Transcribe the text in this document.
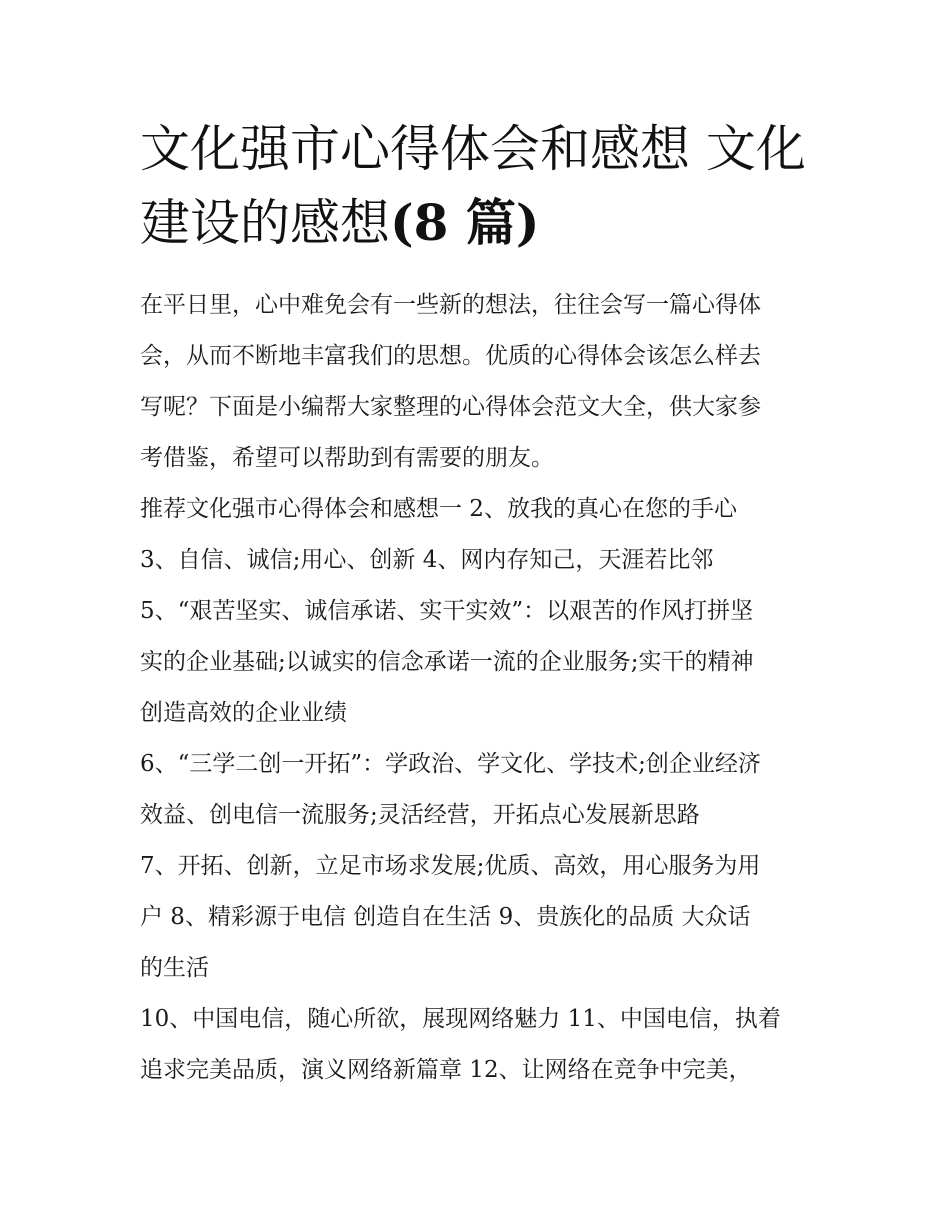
文化强市心得体会和感想 文化
建设的感想(8 篇)

在平日里，心中难免会有一些新的想法，往往会写一篇心得体
会，从而不断地丰富我们的思想。优质的心得体会该怎么样去
写呢？下面是小编帮大家整理的心得体会范文大全，供大家参
考借鉴，希望可以帮助到有需要的朋友。

推荐文化强市心得体会和感想一 2、放我的真心在您的手心

3、自信、诚信;用心、创新 4、网内存知己，天涯若比邻

5、“艰苦坚实、诚信承诺、实干实效”：以艰苦的作风打拼坚
实的企业基础;以诚实的信念承诺一流的企业服务;实干的精神
创造高效的企业业绩

6、“三学二创一开拓”：学政治、学文化、学技术;创企业经济
效益、创电信一流服务;灵活经营，开拓点心发展新思路

7、开拓、创新，立足市场求发展;优质、高效，用心服务为用
户 8、精彩源于电信 创造自在生活 9、贵族化的品质 大众话
的生活

10、中国电信，随心所欲，展现网络魅力 11、中国电信，执着
追求完美品质，演义网络新篇章 12、让网络在竞争中完美，
